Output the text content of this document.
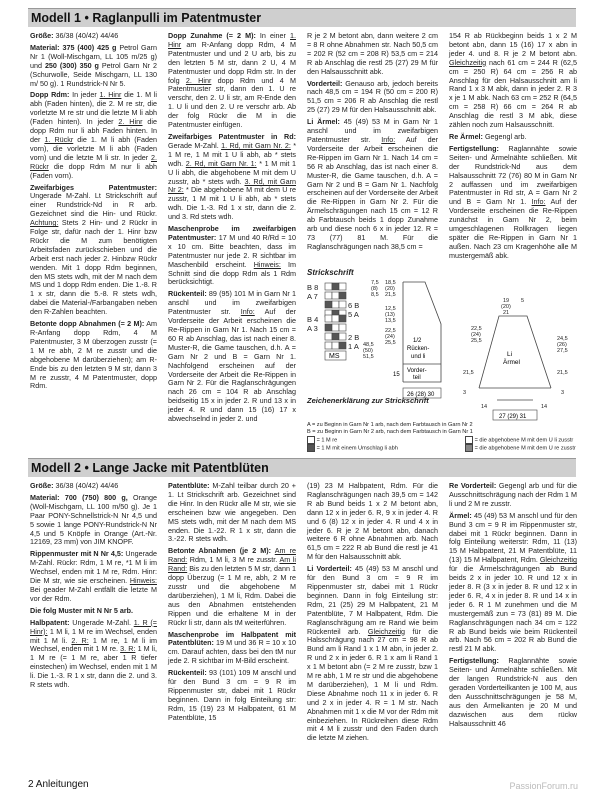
Modell 1 • Raglanpulli im Patentmuster

Größe: 36/38 (40/42) 44/46

Material: 375 (400) 425 g Petrol Garn Nr 1 (Woll-Mischgarn, LL 105 m/25 g) und 250 (300) 350 g Petrol Garn Nr 2 (Schurwolle, Seide Mischgarn, LL 130 m/ 50 g). 1 Rundstrick-N Nr 5.

Dopp Rdm: In jeder 1. Hinr die 1. M li abh (Faden hinten), die 2. M re str, die vorletzte M re str und die letzte M li abh (Faden hinten). In jeder 2. Hinr die dopp Rdm nur li abh Faden hinten. In der 1. Rückr die 1. M li abh (Faden vorn), die vorletzte M li abh (Faden vorn) und die letzte M li str. In jeder 2. Rückr die dopp Rdm M nur li abh (Faden vorn).

Zweifarbiges Patentmuster: Ungerade M-Zahl. Lt Strickschrift auf einer Rundstrick-Nd in R arb. Gezeichnet sind die Hin- und Rückr. Achtung: Stets 2 Hin- und 2 Rückr in Folge str, dafür nach der 1. Hinr bzw Rückr die M zum benötigten Arbeitsfaden zurückschieben und die Arbeit erst nach jeder 2. Hinbzw Rückr wenden. Mit 1 dopp Rdm beginnen, den MS stets wdh, mit der M nach dem MS und 1 dopp Rdm enden. Die 1.-8. R 1 x str, dann die 5.-8. R stets wdh, dabei die Material-/Farbangaben neben den R-Zahlen beachten.

Betonte dopp Abnahmen (= 2 M): Am R-Anfang dopp Rdm, 4 M Patentmuster, 3 M überzogen zusstr (= 1 M re abh, 2 M re zusstr und die abgehobene M darüberziehen); am R-Ende bis zu den letzten 9 M str, dann 3 M re zusstr, 4 M Patentmuster, dopp Rdm.

Dopp Zunahme (= 2 M): In einer 1. Hinr am R-Anfang dopp Rdm, 4 M Patentmuster und und 2 U arb, bis zu den letzten 5 M str, dann 2 U, 4 M Patentmuster und dopp Rdm str. In der folg 2. Hinr dopp Rdm und 4 M Patentmuster str, dann den 1. U re verschr, den 2. U li str, am R-Ende den 1. U li und den 2. U re verschr arb. Ab der folg Rückr die M in die Patentmuster einfügen.

Zweifarbiges Patentmuster in Rd: Gerade M-Zahl. 1. Rd, mit Garn Nr. 2: * 1 M re, 1 M mit 1 U li abh, ab * stets wdh. 2. Rd, mit Garn Nr. 1: * 1 M mit 1 U li abh, die abgehobene M mit dem U zusstr, ab * stets wdh. 3. Rd, mit Garn Nr 2: * Die abgehobene M mit dem U re zusstr, 1 M mit 1 U li abh, ab * stets wdh. Die 1.-3. Rd 1 x str, dann die 2. und 3. Rd stets wdh.

Maschenprobe im zweifarbigen Patentmuster: 17 M und 40 R/Rd = 10 x 10 cm. Bitte beachten, dass im Patentmuster nur jede 2. R sichtbar im Maschenbild erscheint. Hinweis: Im Schnitt sind die dopp Rdm als 1 Rdm berücksichtigt.

Rückenteil: 89 (95) 101 M in Garn Nr 1 anschl und im zweifarbigen Patentmuster str. Info: Auf der Vorderseite der Arbeit erscheinen die Re-Rippen in Garn Nr 1. Nach 15 cm = 60 R ab Anschlag, das ist nach einer 8. Muster-R, die Game tauschen, d.h. A = Garn Nr 2 und B = Garn Nr 1. Nachfolgend erscheinen auf der Vorderseite der Arbeit die Re-Rippen in Garn Nr 2. Für die Raglanschrägungen nach 26 cm = 104 R ab Anschlag beidseitig 15 x in jeder 2. R und 13 x in jeder 4. R und dann 15 (16) 17 x abwechselnd in jeder 2. und

R je 2 M betont abn, dann weitere 2 cm = 8 R ohne Abnahmen str. Nach 50,5 cm = 202 R (52 cm = 208 R) 53,5 cm = 214 R ab Anschlag die restl 25 (27) 29 M für den Halsausschnitt abk.

Vorderteil: Genauso arb, jedoch bereits nach 48,5 cm = 194 R (50 cm = 200 R) 51,5 cm = 206 R ab Anschlag die restl 25 (27) 29 M für den Halsausschnitt abk.

Li Ärmel: 45 (49) 53 M in Garn Nr 1 anschl und im zweifarbigen Patentmuster str. Info: Auf der Vorderseite der Arbeit erscheinen die Re-Rippen im Garn Nr 1. Nach 14 cm = 56 R ab Anschlag, das ist nach einer 8. Muster-R, die Game tauschen, d.h. A = Garn Nr 2 und B = Garn Nr 1. Nachfolg erscheinen auf der Vorderseite der Arbeit die Re-Rippen in Garn Nr 2. Für die Ärmelschrägungen nach 15 cm = 12 R ab Farbtausch beids 1 dopp Zunahme arb und diese noch 6 x in jeder 12. R = 73 (77) 81 M. Für die Raglanschrägungen nach 38,5 cm =

154 R ab Rückbeginn beids 1 x 2 M betont abn, dann 15 (16) 17 x abn in jeder 4. und 8. R je 2 M betont abn. Gleichzeitig nach 61 cm = 244 R (62,5 cm = 250 R) 64 cm = 256 R ab Anschlag für den Halsausschnitt am li Rand 1 x 3 M abk, dann in jeder 2. R 3 x je 1 M abk. Nach 63 cm = 252 R (64,5 cm = 258 R) 66 cm = 264 R ab Anschlag die restl 3 M abk, diese zählen noch zum Halsausschnitt.

Re Ärmel: Gegengl arb.

Fertigstellung: Raglannähte sowie Seiten- und Ärmelnähte schließen. Mit der Rundstrick-Nd aus dem Halsausschnitt 72 (76) 80 M in Garn Nr 2 auffassen und im zweifarbigen Patentmuster in Rd str, A = Garn Nr 2 und B = Garn Nr 1. Info: Auf der Vorderseite erscheinen die Re-Rippen zunächst in Garn Nr 2, beim umgeschlagenen Rollkragen liegen später die Re-Rippen in Garn Nr 1 außen. Nach 23 cm Kragenhöhe alle M mustergemäß abk.

Strickschrift
B 8
A 7
B 4
A 3
6 B
5 A
2 B
1 A
MS
7,5
(8)
8,5
18,5
(20)
21,5
12,5
(13)
13,5
22,5
(24)
25,5
48,5
(50)
51,5
1/2
Rücken-
und li
Vorder-
teil
15
26 (28) 30
Zeichenerklärung zur Strickschrift
A = zu Beginn in Garn Nr 1 arb, nach dem Farbtausch in Garn Nr 2
B = zu Beginn in Garn Nr 2 arb, nach dem Farbtausch in Garn Nr 1
= 1 M re	= die abgehobene M mit dem U li zusstr
= 1 M mit einem Umschlag li abh	= die abgehobene M mit dem U re zusstr
19
(20)
21
5
22,5
(24)
25,5	24,5
(26)
27,5
21,5	21,5
3	3
14	14
Li
Ärmel
27 (29) 31
Modell 2 • Lange Jacke mit Patentblüten

Größe: 36/38 (40/42) 44/46

Material: 700 (750) 800 g, Orange (Woll-Mischgarn, LL 100 m/50 g). Je 1 Paar PONY-Schnellstrick-N Nr 4,5 und 5 sowie 1 lange PONY-Rundstrick-N Nr 4,5 und 5 Knöpfe in Orange (Art.-Nr. 12169, 23 mm) von JIM KNOPF.

Rippenmuster mit N Nr 4,5: Ungerade M-Zahl. Rückr: Rdm, 1 M re, *1 M li im Wechsel, enden mit 1 M re, Rdm. Hinr: Die M str, wie sie erscheinen. Hinweis: Bei geader M-Zahl entfällt die letzte M vor der Rdm.

Die folg Muster mit N Nr 5 arb.

Halbpatent: Ungerade M-Zahl. 1. R (= Hinr): 1 M li, 1 M re im Wechsel, enden mit 1 M li. 2. R: 1 M re, 1 M li im Wechsel, enden mit 1 M re. 3. R: 1 M li, 1 M re (= 1 M re, aber 1 R tiefer einstechen) im Wechsel, enden mit 1 M li. Die 1.-3. R 1 x str, dann die 2. und 3. R stets wdh.

Patentblüte: M-Zahl teilbar durch 20 + 1. Lt Strickschrift arb. Gezeichnet sind die Hinr. In den Rückr alle M str, wie sie erscheinen bzw wie angegeben. Den MS stets wdh, mit der M nach dem MS enden. Die 1.-22. R 1 x str, dann die 3.-22. R stets wdh.

Betonte Abnahmen (je 2 M): Am re Rand: Rdm, 1 M li, 3 M re zusstr. Am li Rand: Bis zu den letzten 5 M str, dann 1 dopp Überzug (= 1 M re, abh, 2 M re zusstr und die abgehobene M darüberziehen), 1 M li, Rdm. Dabei die aus den Abnahmen entstehenden Rippen und die erhaltene M in der Rückr li str, dann als tM weiterführen.

Maschenprobe im Halbpatent mit Patentblüten: 19 M und 36 R = 10 x 10 cm. Darauf achten, dass bei den tM nur jede 2. R sichtbar im M-Bild erscheint.

Rückenteil: 93 (101) 109 M anschl und für den Bund 3 cm = 9 R im Rippenmuster str, dabei mit 1 Rückr beginnen. Dann in folg Einteilung str: Rdm, 15 (19) 23 M Halbpatent, 61 M Patentblüte, 15

(19) 23 M Halbpatent, Rdm. Für die Raglanschrägungen nach 39,5 cm = 142 R ab Bund beids 1 x 2 M betont abn, dann 12 x in jeder 6. R, 9 x in jeder 4. R und 6 (8) 12 x in jeder 4. R und 4 x in jeder 6. R je 2 M betont abn, danach weitere 6 R ohne Abnahmen arb. Nach 61,5 cm = 222 R ab Bund die restl je 41 M für den Halsausschnitt abk.

Li Vorderteil: 45 (49) 53 M anschl und für den Bund 3 cm = 9 R im Rippenmuster str, dabei mit 1 Rückr beginnen. Dann in folg Einteilung str: Rdm, 21 (25) 29 M Halbpatent, 21 M Patentblüte, 7 M Halbpatent, Rdm. Die Raglanschrägung am re Rand wie beim Rückenteil arb. Gleichzeitig für die Halsschrägung nach 27 cm = 98 R ab Bund am li Rand 1 x 1 M abn, in jeder 2. R und 2 x in jeder 6. R 1 x am li Rand 1 x 1 M betont abn (= 2 M re zusstr, bzw 1 M re abh, 1 M re str und die abgehobene M darüberziehen), 1 M li und Rdm. Diese Abnahme noch 11 x in jeder 6. R und 2 x in jeder 4. R = 1 M str. Nach Abnahmen mit 1 x die M vor der Rdm mit einbeziehen. In Rückreihen diese Rdm mit 4 M li zusstr und den Faden durch die letzte M ziehen.

Re Vorderteil: Gegengl arb und für die Ausschnittschrägung nach der Rdm 1 M li und 2 M re zusstr.

Ärmel: 45 (49) 53 M anschl und für den Bund 3 cm = 9 R im Rippenmuster str, dabei mit 1 Rückr beginnen. Dann in folg Einteilung weiterstr: Rdm, 11 (13) 15 M Halbpatent, 21 M Patentblüte, 11 (13) 15 M Halbpatent, Rdm. Gleichzeitig für die Ärmelschrägungen ab Bund beids 2 x in jeder 10. R und 12 x in jeder 8. R (3 x in jeder 8. R und 12 x in jeder 6. R, 4 x in jeder 8. R und 14 x in jeder 6. R 1 M zunehmen und die M mustergemäß zun = 73 (81) 89 M. Die Raglanschrägungen nach 34 cm = 122 R ab Bund beids wie beim Rückenteil arb. Nach 56 cm = 202 R ab Bund die restl 21 M abk.

Fertigstellung: Raglannähte sowie Seiten- und Ärmelnähte schließen. Mit der langen Rundstrick-N aus den geraden Vorderteilkanten je 100 M, aus den Ausschnittschrägungen je 58 M, aus den Ärmelkanten je 20 M und dazwischen aus dem rückw Halsausschnitt 46

2 Anleitungen	PassionForum.ru
